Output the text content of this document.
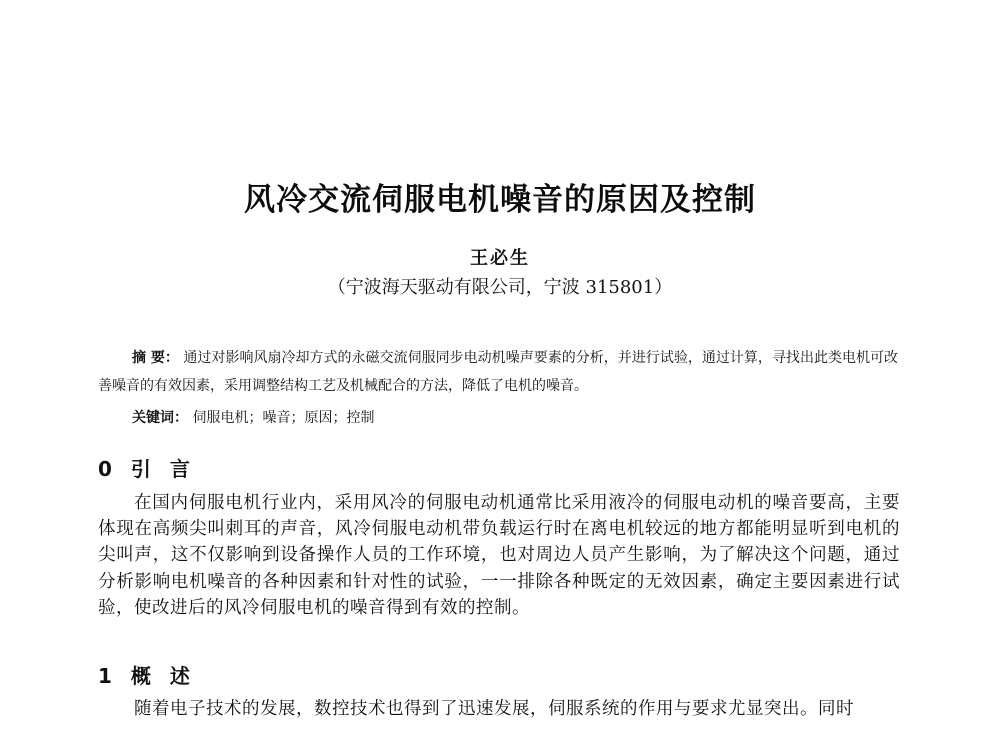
风冷交流伺服电机噪音的原因及控制
王必生
（宁波海天驱动有限公司，宁波 315801）
摘 要： 通过对影响风扇冷却方式的永磁交流伺服同步电动机噪声要素的分析，并进行试验，通过计算，寻找出此类电机可改善噪音的有效因素，采用调整结构工艺及机械配合的方法，降低了电机的噪音。
关键词： 伺服电机；噪音；原因；控制
0 引 言
在国内伺服电机行业内，采用风冷的伺服电动机通常比采用液冷的伺服电动机的噪音要高，主要体现在高频尖叫刺耳的声音，风冷伺服电动机带负载运行时在离电机较远的地方都能明显听到电机的尖叫声，这不仅影响到设备操作人员的工作环境，也对周边人员产生影响，为了解决这个问题，通过分析影响电机噪音的各种因素和针对性的试验，一一排除各种既定的无效因素，确定主要因素进行试验，使改进后的风冷伺服电机的噪音得到有效的控制。
1 概 述
随着电子技术的发展，数控技术也得到了迅速发展，伺服系统的作用与要求尤显突出。同时
